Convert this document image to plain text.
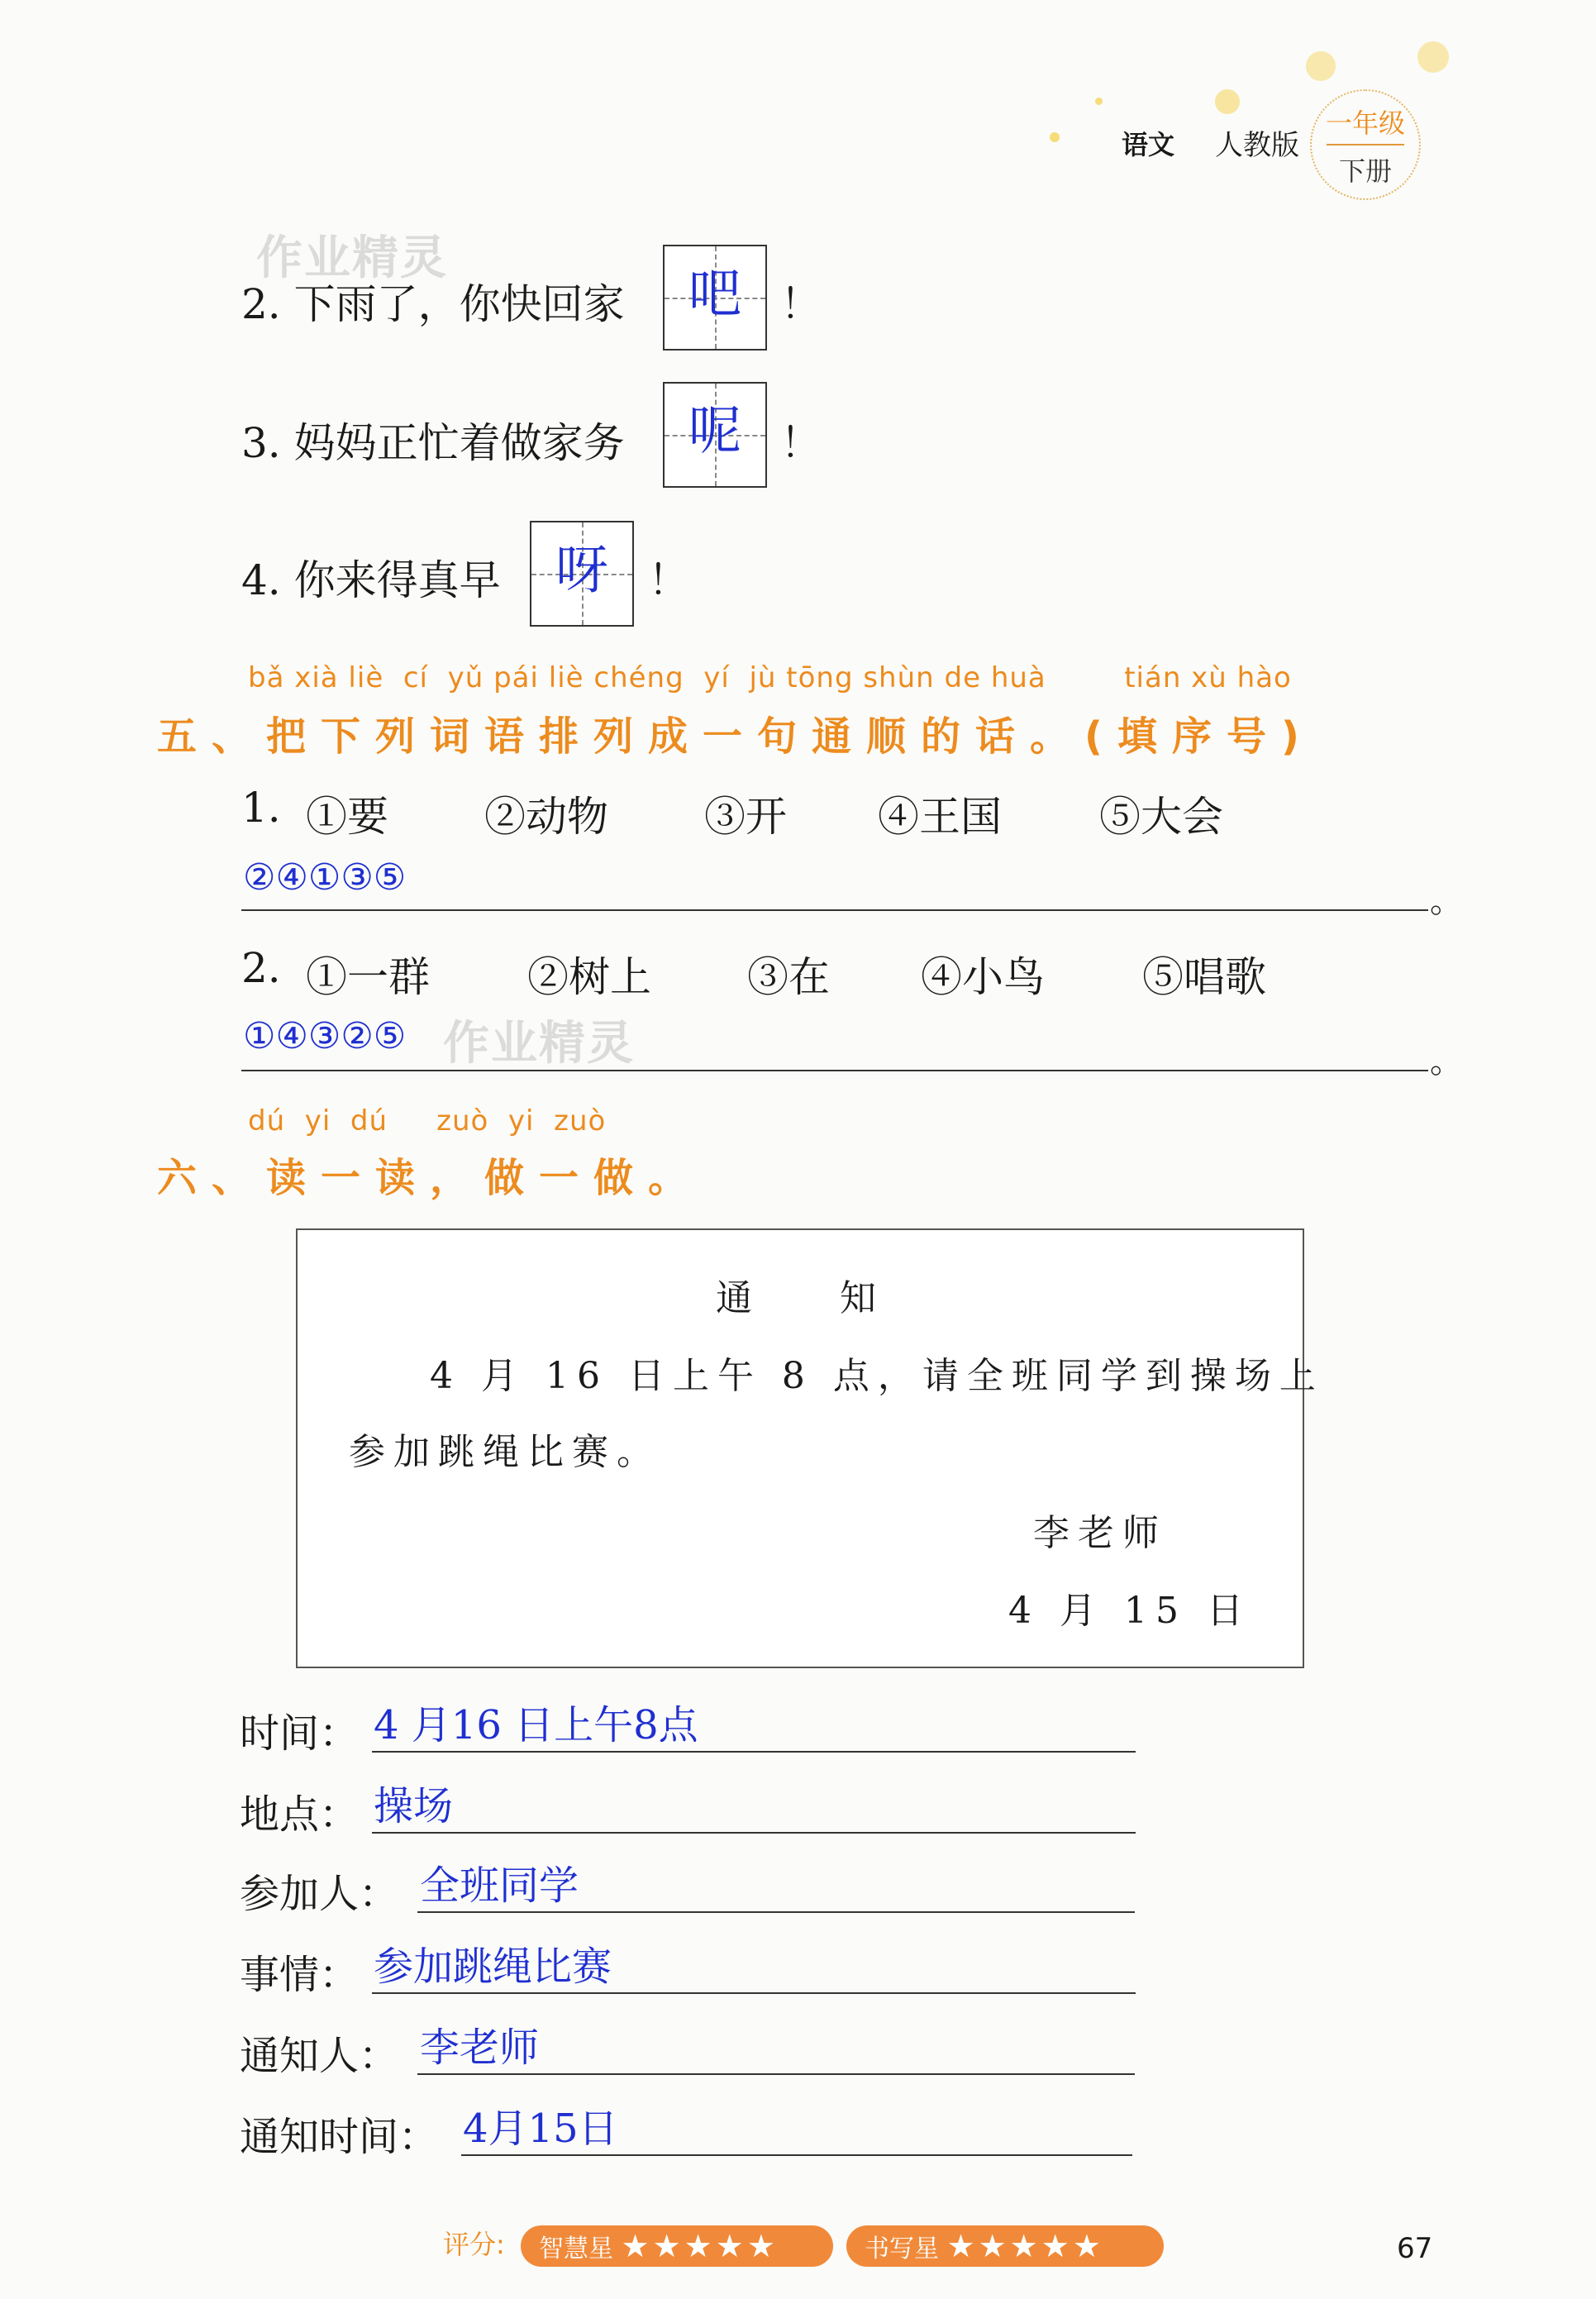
语文 人教版
一年级
下册
作业精灵
2. 下雨了，你快回家	吧 ！
3. 妈妈正忙着做家务	呢 ！
4. 你来得真早	呀 ！
bǎ xià liè  cí  yǔ pái liè chéng  yí  jù tōng shùn de huà        tián xù hào
五、把下列词语排列成一句通顺的话。(填序号)
1. ①要 ②动物 ③开 ④王国 ⑤大会
②④①③⑤
。
2. ①一群 ②树上 ③在 ④小鸟 ⑤唱歌
①④③②⑤ 作业精灵	。
dú  yi  dú     zuò  yi  zuò
六、读一读，做一做。
通    知
4 月 16 日上午 8 点，请全班同学到操场上
参加跳绳比赛。
李老师
4 月 15 日
时间： 4 月16 日上午8点
地点： 操场
参加人： 全班同学
事情： 参加跳绳比赛
通知人： 李老师
通知时间： 4月15日
评分:	智慧星 ★★★★★	书写星 ★★★★★	67
